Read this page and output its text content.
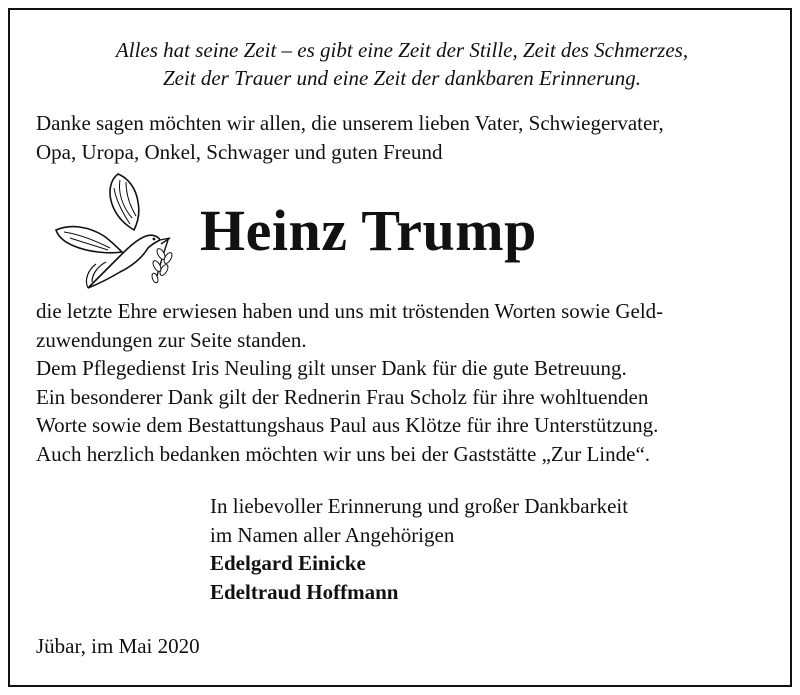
Alles hat seine Zeit – es gibt eine Zeit der Stille, Zeit des Schmerzes,
Zeit der Trauer und eine Zeit der dankbaren Erinnerung.
Danke sagen möchten wir allen, die unserem lieben Vater, Schwiegervater,
Opa, Uropa, Onkel, Schwager und guten Freund
Heinz Trump
die letzte Ehre erwiesen haben und uns mit tröstenden Worten sowie Geld-
zuwendungen zur Seite standen.
Dem Pflegedienst Iris Neuling gilt unser Dank für die gute Betreuung.
Ein besonderer Dank gilt der Rednerin Frau Scholz für ihre wohltuenden
Worte sowie dem Bestattungshaus Paul aus Klötze für ihre Unterstützung.
Auch herzlich bedanken möchten wir uns bei der Gaststätte „Zur Linde“.
In liebevoller Erinnerung und großer Dankbarkeit
im Namen aller Angehörigen
Edelgard Einicke
Edeltraud Hoffmann
Jübar, im Mai 2020
